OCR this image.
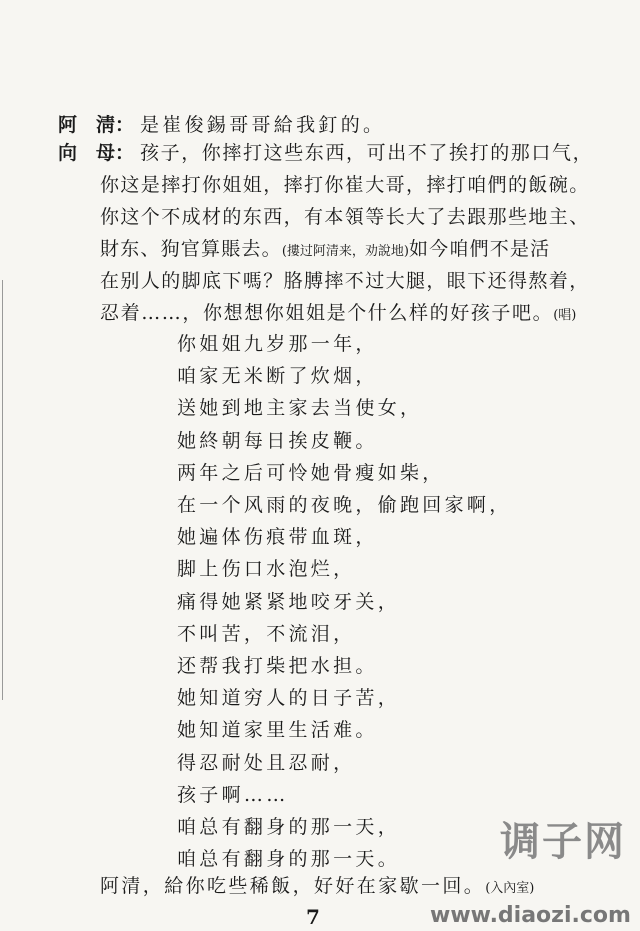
阿　淸： 是崔俊錫哥哥給我釘的。
向　母： 孩子，你摔打这些东西，可出不了挨打的那口气，
你这是摔打你姐姐，摔打你崔大哥，摔打咱們的飯碗。
你这个不成材的东西，有本領等长大了去跟那些地主、
財东、狗官算賬去。(摟过阿清来，劝說地)如今咱們不是活
在别人的脚底下嗎？胳膊摔不过大腿，眼下还得熬着，
忍着……，你想想你姐姐是个什么样的好孩子吧。(唱)
你姐姐九岁那一年，
咱家无米断了炊烟，
送她到地主家去当使女，
她終朝每日挨皮鞭。
两年之后可怜她骨瘦如柴，
在一个风雨的夜晚，偷跑回家啊，
她遍体伤痕带血斑，
脚上伤口水泡烂，
痛得她紧紧地咬牙关，
不叫苦，不流泪，
还帮我打柴把水担。
她知道穷人的日子苦，
她知道家里生活难。
得忍耐处且忍耐，
孩子啊……
咱总有翻身的那一天，
咱总有翻身的那一天。
阿清，給你吃些稀飯，好好在家歇一回。(入內室)
7
调子网
www.diaozi.com
